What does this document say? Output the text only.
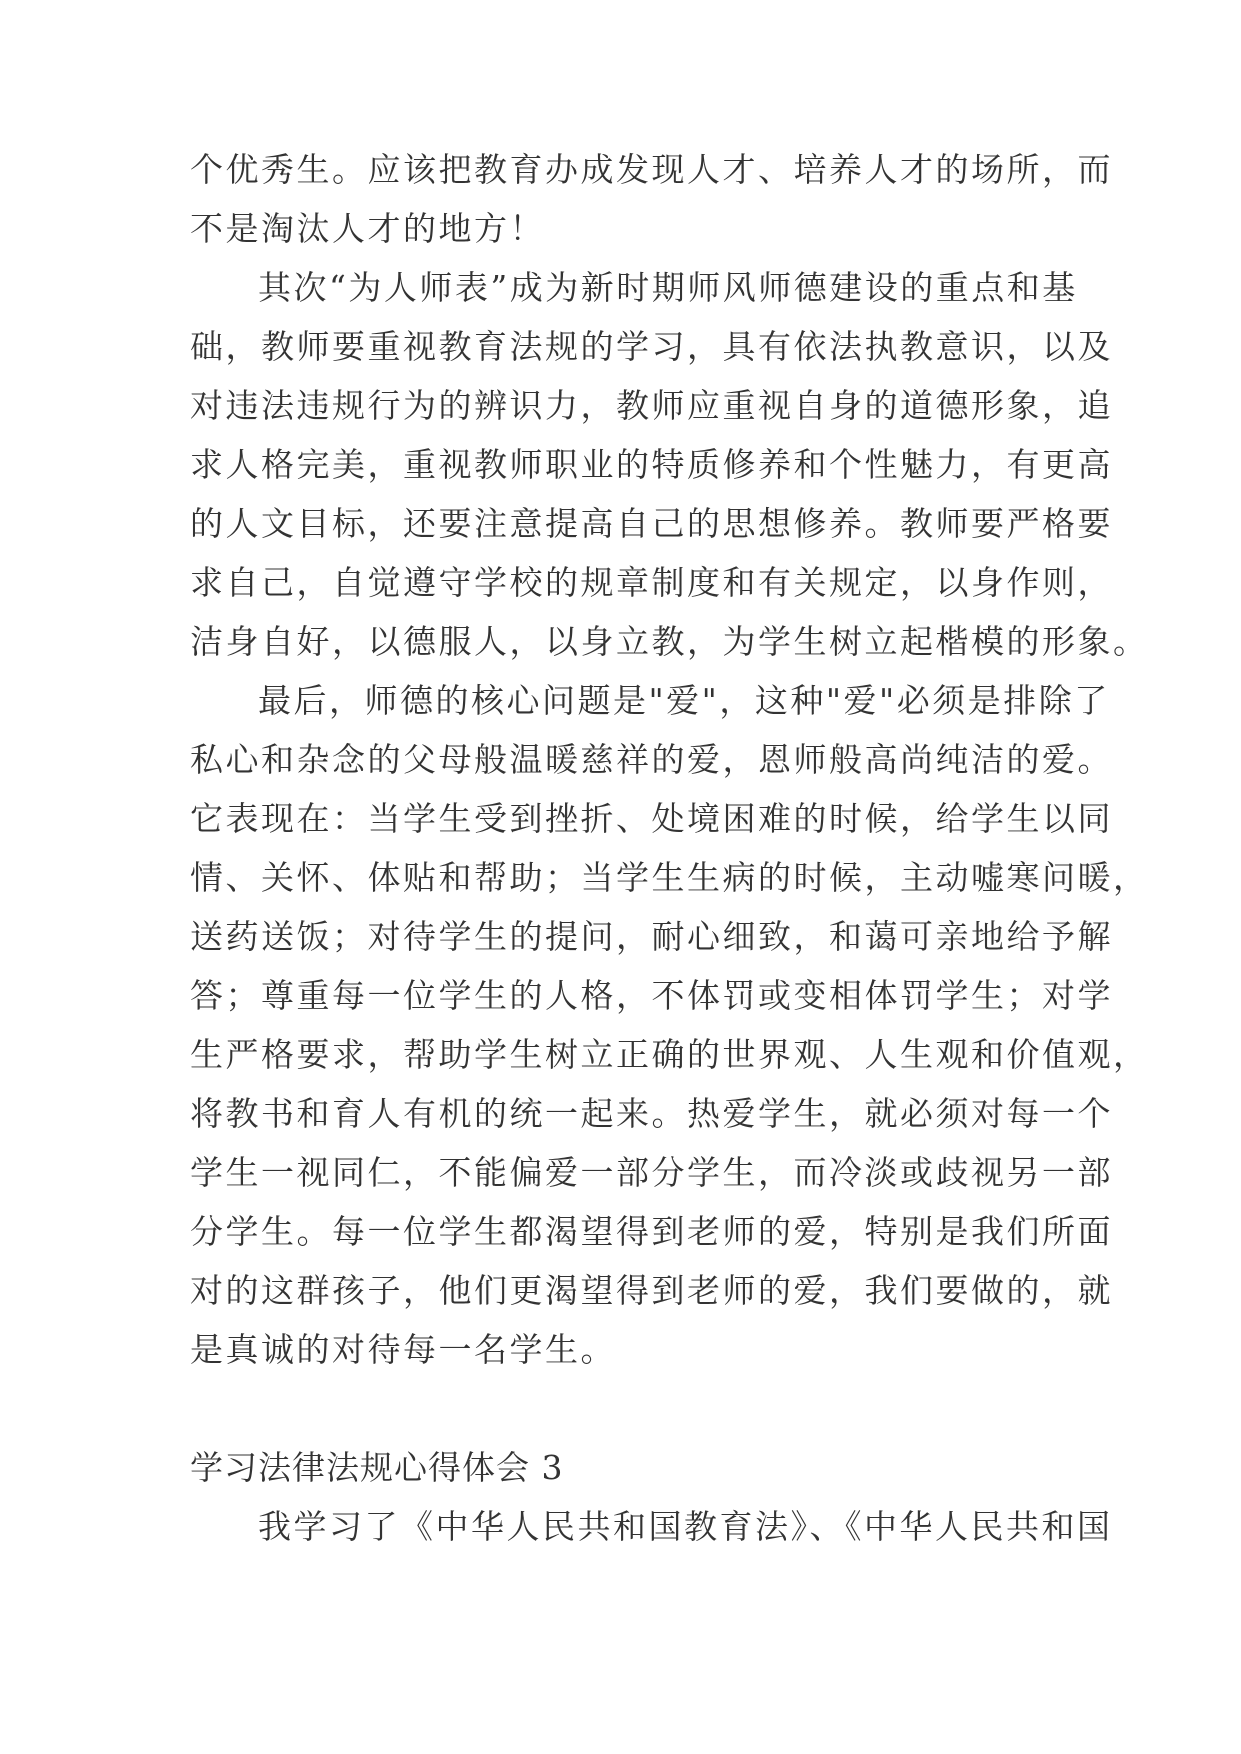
个优秀生。应该把教育办成发现人才、培养人才的场所，而
不是淘汰人才的地方！
其次“为人师表”成为新时期师风师德建设的重点和基
础，教师要重视教育法规的学习，具有依法执教意识，以及
对违法违规行为的辨识力，教师应重视自身的道德形象，追
求人格完美，重视教师职业的特质修养和个性魅力，有更高
的人文目标，还要注意提高自己的思想修养。教师要严格要
求自己，自觉遵守学校的规章制度和有关规定，以身作则，
洁身自好，以德服人，以身立教，为学生树立起楷模的形象。
最后，师德的核心问题是"爱"，这种"爱"必须是排除了
私心和杂念的父母般温暖慈祥的爱，恩师般高尚纯洁的爱。
它表现在：当学生受到挫折、处境困难的时候，给学生以同
情、关怀、体贴和帮助；当学生生病的时候，主动嘘寒问暖，
送药送饭；对待学生的提问，耐心细致，和蔼可亲地给予解
答；尊重每一位学生的人格，不体罚或变相体罚学生；对学
生严格要求，帮助学生树立正确的世界观、人生观和价值观，
将教书和育人有机的统一起来。热爱学生，就必须对每一个
学生一视同仁，不能偏爱一部分学生，而冷淡或歧视另一部
分学生。每一位学生都渴望得到老师的爱，特别是我们所面
对的这群孩子，他们更渴望得到老师的爱，我们要做的，就
是真诚的对待每一名学生。
学习法律法规心得体会 3
我学习了《中华人民共和国教育法》、《中华人民共和国
